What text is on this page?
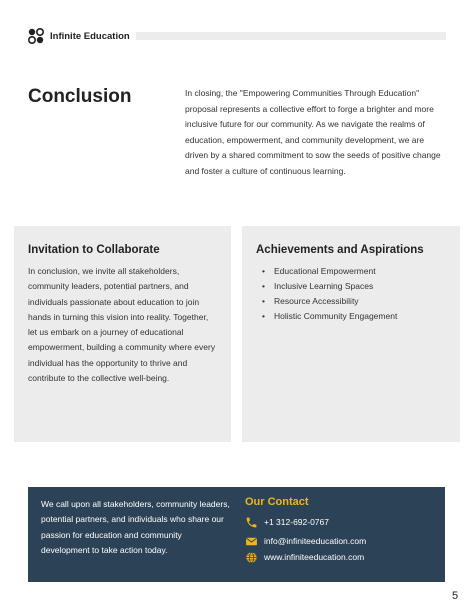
Infinite Education
Conclusion	In closing, the "Empowering Communities Through Education" proposal represents a collective effort to forge a brighter and more inclusive future for our community. As we navigate the realms of education, empowerment, and community development, we are driven by a shared commitment to sow the seeds of positive change and foster a culture of continuous learning.

Invitation to Collaborate

In conclusion, we invite all stakeholders, community leaders, potential partners, and individuals passionate about education to join hands in turning this vision into reality. Together, let us embark on a journey of educational empowerment, building a community where every individual has the opportunity to thrive and contribute to the collective well-being.

Achievements and Aspirations
• Educational Empowerment
• Inclusive Learning Spaces
• Resource Accessibility
• Holistic Community Engagement

We call upon all stakeholders, community leaders, potential partners, and individuals who share our passion for education and community development to take action today.

Our Contact
+1 312-692-0767
info@infiniteeducation.com
www.infiniteeducation.com
5
